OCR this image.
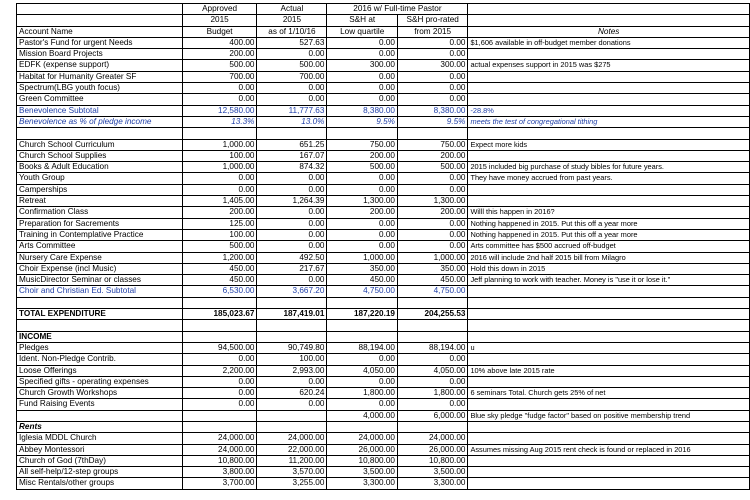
	Approved	Actual	2016 w/ Full-time Pastor		
	2015	2015	S&H at	S&H pro-rated	
Account Name	Budget	as of 1/10/16	Low quartile	from 2015	Notes
Pastor's Fund for urgent Needs	400.00	527.63	0.00	0.00	$1,606 available in off-budget member donations
Mission Board Projects	200.00	0.00	0.00	0.00	
EDFK (expense support)	500.00	500.00	300.00	300.00	actual expenses support in 2015 was $275
Habitat for Humanity Greater SF	700.00	700.00	0.00	0.00	
Spectrum(LBG youth focus)	0.00	0.00	0.00	0.00	
Green Committee	0.00	0.00	0.00	0.00	
Benevolence Subtotal	12,580.00	11,777.63	8,380.00	8,380.00	-28.8%
Benevolence as % of pledge income	13.3%	13.0%	9.5%	9.5%	meets the test of congregational tithing

Church School Curriculum	1,000.00	651.25	750.00	750.00	Expect more kids
Church School Supplies	100.00	167.07	200.00	200.00	
Books & Adult Education	1,000.00	874.32	500.00	500.00	2015 included big purchase of study bibles for future years.
Youth Group	0.00	0.00	0.00	0.00	They have money accrued from past years.
Camperships	0.00	0.00	0.00	0.00	
Retreat	1,405.00	1,264.39	1,300.00	1,300.00	
Confirmation Class	200.00	0.00	200.00	200.00	Willl this happen in 2016?
Preparation for Sacrements	125.00	0.00	0.00	0.00	Nothing happened in 2015. Put this off a year more
Training in Contemplative Practice	100.00	0.00	0.00	0.00	Nothing happened in 2015. Put this off a year more
Arts Committee	500.00	0.00	0.00	0.00	Arts committee has $500 accrued off-budget
Nursery Care Expense	1,200.00	492.50	1,000.00	1,000.00	2016 will include 2nd half 2015 bill from Milagro
Choir Expense (incl Music)	450.00	217.67	350.00	350.00	Hold this down in 2015
MusicDirector Seminar or classes	450.00	0.00	450.00	450.00	Jeff planning to work with teacher. Money is "use it or lose it."
Choir and Christian Ed. Subtotal	6,530.00	3,667.20	4,750.00	4,750.00	

TOTAL EXPENDITURE	185,023.67	187,419.01	187,220.19	204,255.53	

INCOME					
Pledges	94,500.00	90,749.80	88,194.00	88,194.00	u
Ident. Non-Pledge Contrib.	0.00	100.00	0.00	0.00	
Loose Offerings	2,200.00	2,993.00	4,050.00	4,050.00	10% above late 2015 rate
Specified gifts - operating expenses	0.00	0.00	0.00	0.00	
Church Growth Workshops	0.00	620.24	1,800.00	1,800.00	6 seminars Total. Church gets 25% of net
Fund Raising Events	0.00	0.00	0.00	0.00	
			4,000.00	6,000.00	Blue sky pledge "fudge factor" based on positive membership trend
Rents					
Iglesia MDDL Church	24,000.00	24,000.00	24,000.00	24,000.00	
Abbey Montessori	24,000.00	22,000.00	26,000.00	26,000.00	Assumes missing Aug 2015 rent check is found or replaced in 2016
Church of God (7thDay)	10,800.00	11,200.00	10,800.00	10,800.00	
All self-help/12-step groups	3,800.00	3,570.00	3,500.00	3,500.00	
Misc Rentals/other groups	3,700.00	3,255.00	3,300.00	3,300.00	
